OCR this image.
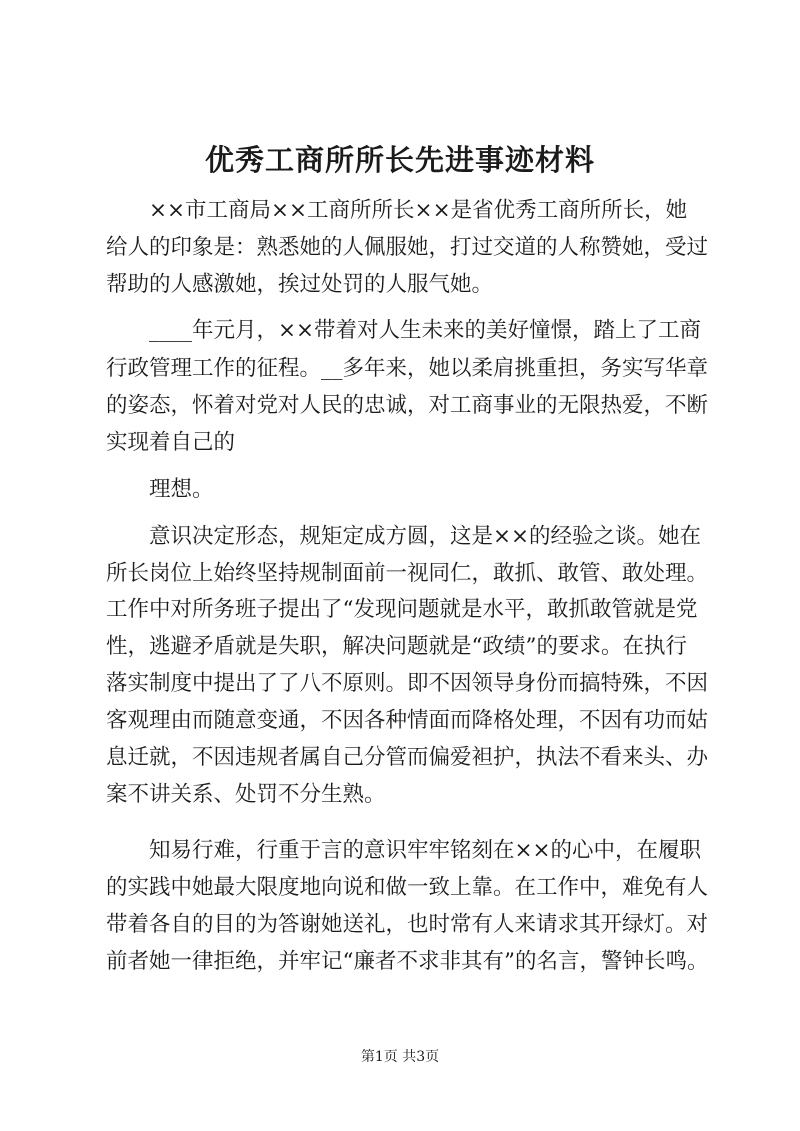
优秀工商所所长先进事迹材料
××市工商局××工商所所长××是省优秀工商所所长，她
给人的印象是：熟悉她的人佩服她，打过交道的人称赞她，受过
帮助的人感激她，挨过处罚的人服气她。
____年元月，××带着对人生未来的美好憧憬，踏上了工商
行政管理工作的征程。__多年来，她以柔肩挑重担，务实写华章
的姿态，怀着对党对人民的忠诚，对工商事业的无限热爱，不断
实现着自己的
理想。
意识决定形态，规矩定成方圆，这是××的经验之谈。她在
所长岗位上始终坚持规制面前一视同仁，敢抓、敢管、敢处理。
工作中对所务班子提出了“发现问题就是水平，敢抓敢管就是党
性，逃避矛盾就是失职，解决问题就是“政绩”的要求。在执行
落实制度中提出了了八不原则。即不因领导身份而搞特殊，不因
客观理由而随意变通，不因各种情面而降格处理，不因有功而姑
息迁就，不因违规者属自己分管而偏爱袒护，执法不看来头、办
案不讲关系、处罚不分生熟。
知易行难，行重于言的意识牢牢铭刻在××的心中，在履职
的实践中她最大限度地向说和做一致上靠。在工作中，难免有人
带着各自的目的为答谢她送礼，也时常有人来请求其开绿灯。对
前者她一律拒绝，并牢记“廉者不求非其有”的名言，警钟长鸣。
第1页 共3页
